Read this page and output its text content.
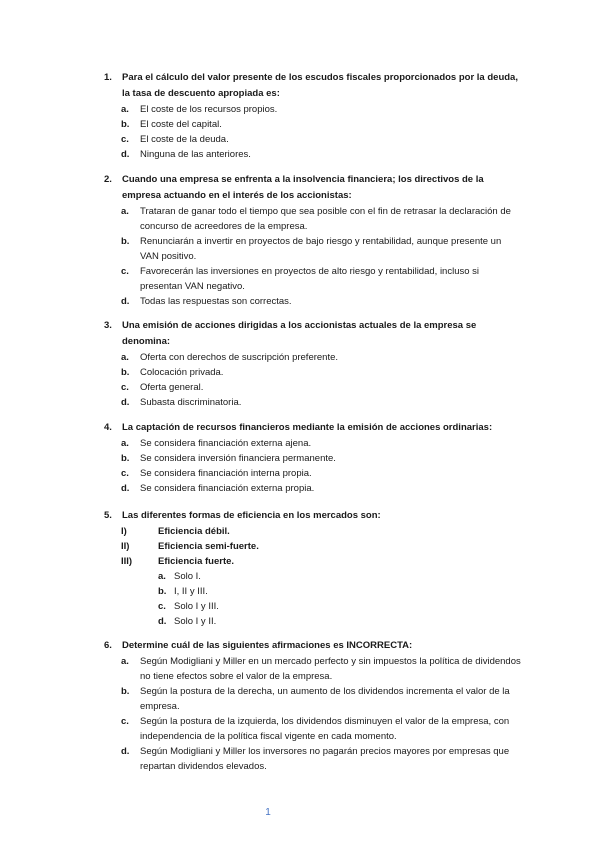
1. Para el cálculo del valor presente de los escudos fiscales proporcionados por la deuda, la tasa de descuento apropiada es:
a. El coste de los recursos propios.
b. El coste del capital.
c. El coste de la deuda.
d. Ninguna de las anteriores.
2. Cuando una empresa se enfrenta a la insolvencia financiera; los directivos de la empresa actuando en el interés de los accionistas:
a. Trataran de ganar todo el tiempo que sea posible con el fin de retrasar la declaración de concurso de acreedores de la empresa.
b. Renunciarán a invertir en proyectos de bajo riesgo y rentabilidad, aunque presente un VAN positivo.
c. Favorecerán las inversiones en proyectos de alto riesgo y rentabilidad, incluso si presentan VAN negativo.
d. Todas las respuestas son correctas.
3. Una emisión de acciones dirigidas a los accionistas actuales de la empresa se denomina:
a. Oferta con derechos de suscripción preferente.
b. Colocación privada.
c. Oferta general.
d. Subasta discriminatoria.
4. La captación de recursos financieros mediante la emisión de acciones ordinarias:
a. Se considera financiación externa ajena.
b. Se considera inversión financiera permanente.
c. Se considera financiación interna propia.
d. Se considera financiación externa propia.
5. Las diferentes formas de eficiencia en los mercados son:
I)	Eficiencia débil.
II)	Eficiencia semi-fuerte.
III)	Eficiencia fuerte.
a. Solo I.
b. I, II y III.
c. Solo I y III.
d. Solo I y II.
6. Determine cuál de las siguientes afirmaciones es INCORRECTA:
a. Según Modigliani y Miller en un mercado perfecto y sin impuestos la política de dividendos no tiene efectos sobre el valor de la empresa.
b. Según la postura de la derecha, un aumento de los dividendos incrementa el valor de la empresa.
c. Según la postura de la izquierda, los dividendos disminuyen el valor de la empresa, con independencia de la política fiscal vigente en cada momento.
d. Según Modigliani y Miller los inversores no pagarán precios mayores por empresas que repartan dividendos elevados.
1
